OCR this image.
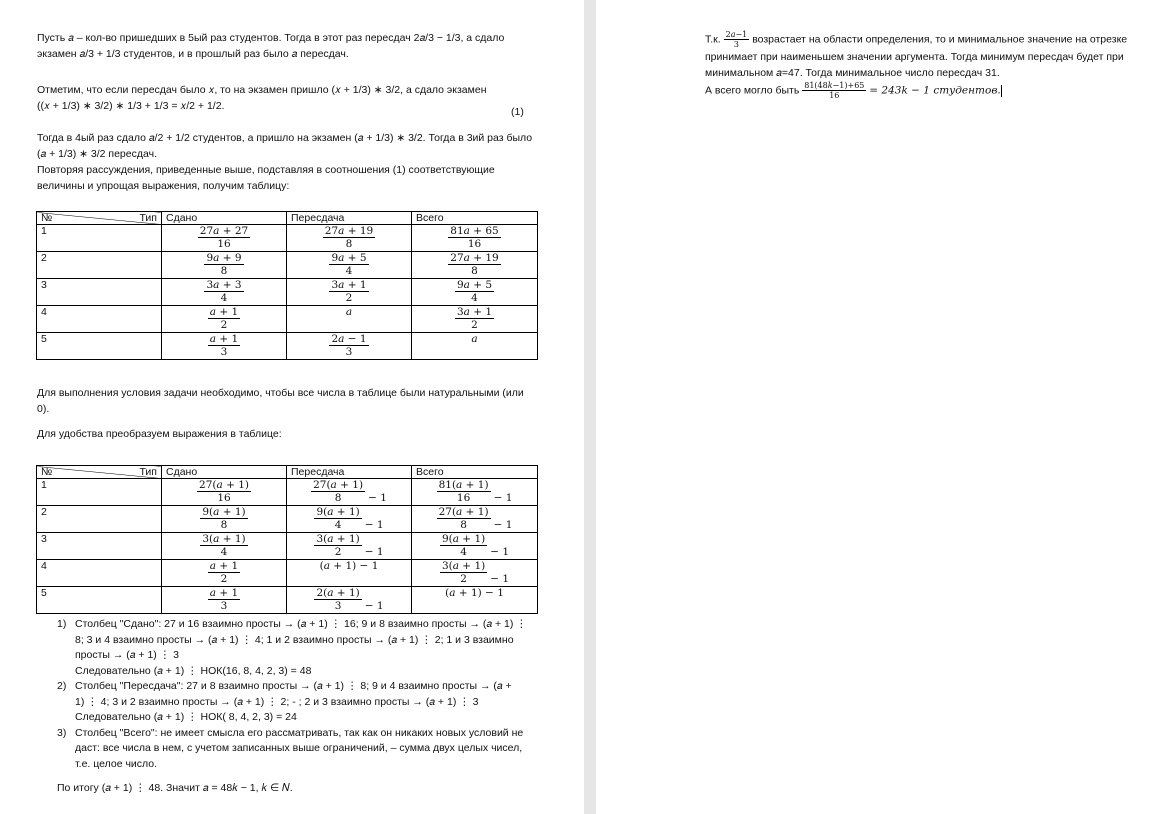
Пусть 𝑎 – кол-во пришедших в 5ый раз студентов. Тогда в этот раз пересдач 2𝑎/3 − 1/3, а сдало
экзамен 𝑎/3 + 1/3 студентов, и в прошлый раз было 𝑎 пересдач.
Отметим, что если пересдач было 𝑥, то на экзамен пришло (𝑥 + 1/3) ∗ 3/2, а сдало экзамен
((𝑥 + 1/3) ∗ 3/2) ∗ 1/3 + 1/3 = 𝑥/2 + 1/2.	(1)
Тогда в 4ый раз сдало 𝑎/2 + 1/2 студентов, а пришло на экзамен (𝑎 + 1/3) ∗ 3/2. Тогда в 3ий раз было
(𝑎 + 1/3) ∗ 3/2 пересдач.
Повторяя рассуждения, приведенные выше, подставляя в соотношения (1) соответствующие
величины и упрощая выражения, получим таблицу:
№ Тип	Сдано	Пересдача	Всего
1	$\frac{\text{27𝑎 + 27}}{16}$	$\frac{\text{27𝑎 + 19}}{8}$	$\frac{\text{81𝑎 + 65}}{16}$

2	$\frac{\text{9𝑎 + 9}}{8}$	$\frac{\text{9𝑎 + 5}}{4}$	$\frac{\text{27𝑎 + 19}}{8}$

3	$\frac{\text{3𝑎 + 3}}{4}$	$\frac{\text{3𝑎 + 1}}{2}$	$\frac{\text{9𝑎 + 5}}{4}$

4	$\frac{\text{𝑎 + 1}}{2}$	𝑎	$\frac{\text{3𝑎 + 1}}{2}$

5	$\frac{\text{𝑎 + 1}}{3}$	$\frac{\text{2𝑎 − 1}}{3}$	𝑎
Для выполнения условия задачи необходимо, чтобы все числа в таблице были натуральными (или
0).
Для удобства преобразуем выражения в таблице:
№ Тип	Сдано	Пересдача	Всего
1	$\frac{\text{27(𝑎 + 1)}}{16}$	$\frac{\text{27(𝑎 + 1)}}{8} - 1$	$\frac{\text{81(𝑎 + 1)}}{16} - 1$
2	$\frac{\text{9(𝑎 + 1)}}{8}$	$\frac{\text{9(𝑎 + 1)}}{4} - 1$	$\frac{\text{27(𝑎 + 1)}}{8} - 1$
3	$\frac{\text{3(𝑎 + 1)}}{4}$	$\frac{\text{3(𝑎 + 1)}}{2} - 1$	$\frac{\text{9(𝑎 + 1)}}{4} - 1$
4	$\frac{\text{𝑎 + 1}}{2}$	(𝑎 + 1) − 1	$\frac{\text{3(𝑎 + 1)}}{2} - 1$
5	$\frac{\text{𝑎 + 1}}{3}$	$\frac{\text{2(𝑎 + 1)}}{3} - 1$	(𝑎 + 1) − 1
1) Столбец "Сдано": 27 и 16 взаимно просты → (𝑎 + 1) ⋮ 16; 9 и 8 взаимно просты → (𝑎 + 1) ⋮
8; 3 и 4 взаимно просты → (𝑎 + 1) ⋮ 4; 1 и 2 взаимно просты → (𝑎 + 1) ⋮ 2; 1 и 3 взаимно
просты → (𝑎 + 1) ⋮ 3
Следовательно (𝑎 + 1) ⋮ НОК(16, 8, 4, 2, 3) = 48
2) Столбец "Пересдача": 27 и 8 взаимно просты → (𝑎 + 1) ⋮ 8; 9 и 4 взаимно просты → (𝑎 +
1) ⋮ 4; 3 и 2 взаимно просты → (𝑎 + 1) ⋮ 2; - ; 2 и 3 взаимно просты → (𝑎 + 1) ⋮ 3
Следовательно (𝑎 + 1) ⋮ НОК( 8, 4, 2, 3) = 24
3) Столбец "Всего": не имеет смысла его рассматривать, так как он никаких новых условий не
даст: все числа в нем, с учетом записанных выше ограничений, – сумма двух целых чисел,
т.е. целое число.
По итогу (𝑎 + 1) ⋮ 48. Значит 𝑎 = 48𝑘 − 1, 𝑘 ∈ 𝑁.
Т.к. $\frac{\text{2𝑎−1}}{3}$ возрастает на области определения, то и минимальное значение на отрезке
принимает при наименьшем значении аргумента. Тогда минимум пересдач будет при
минимальном 𝑎=47. Тогда минимальное число пересдач 31.
А всего могло быть $\frac{\text{81(48𝑘−1)+65}}{16}$ = 243𝑘 − 1 студентов.
